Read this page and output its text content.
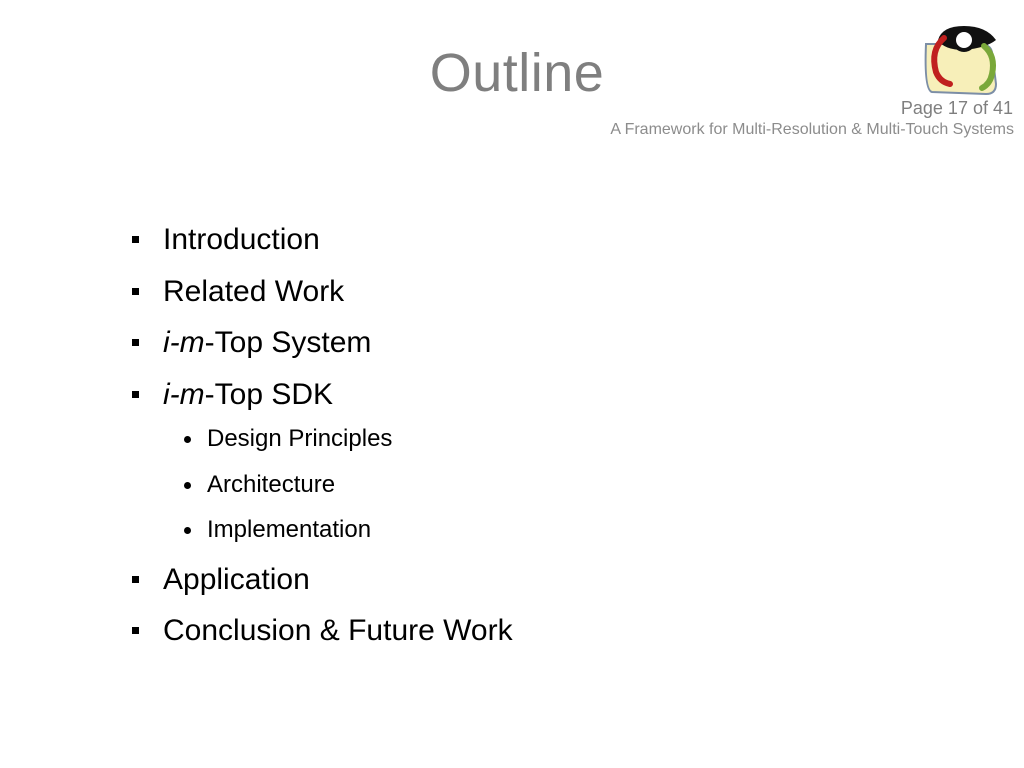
Outline
Page 17 of 41
A Framework for Multi-Resolution & Multi-Touch Systems
Introduction
Related Work
i-m-Top System
i-m-Top SDK
Design Principles
Architecture
Implementation
Application
Conclusion & Future Work
